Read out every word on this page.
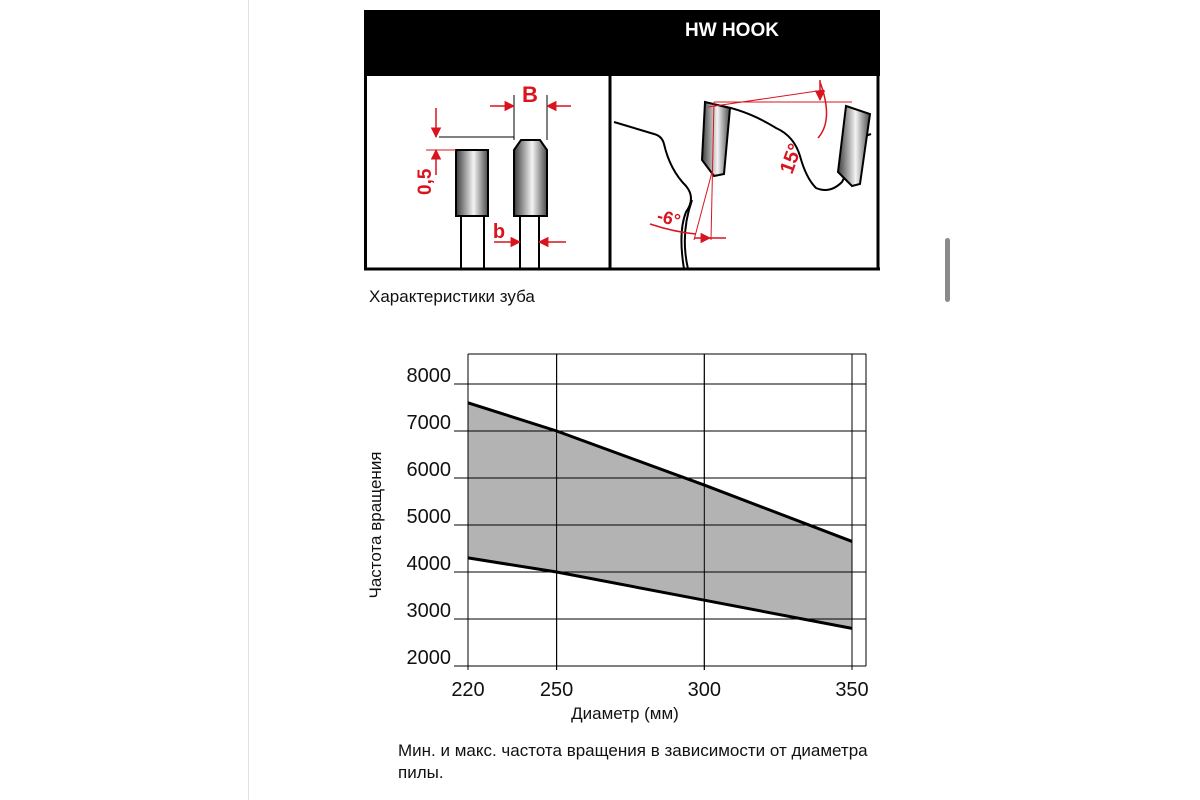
HW HOOK
B
b
0,5
-6°
15°
Характеристики зуба
2000
3000
4000
5000
6000
7000
8000
220	250	300	350
Диаметр (мм)
Частота вращения
Мин. и макс. частота вращения в зависимости от диаметра
пилы.
